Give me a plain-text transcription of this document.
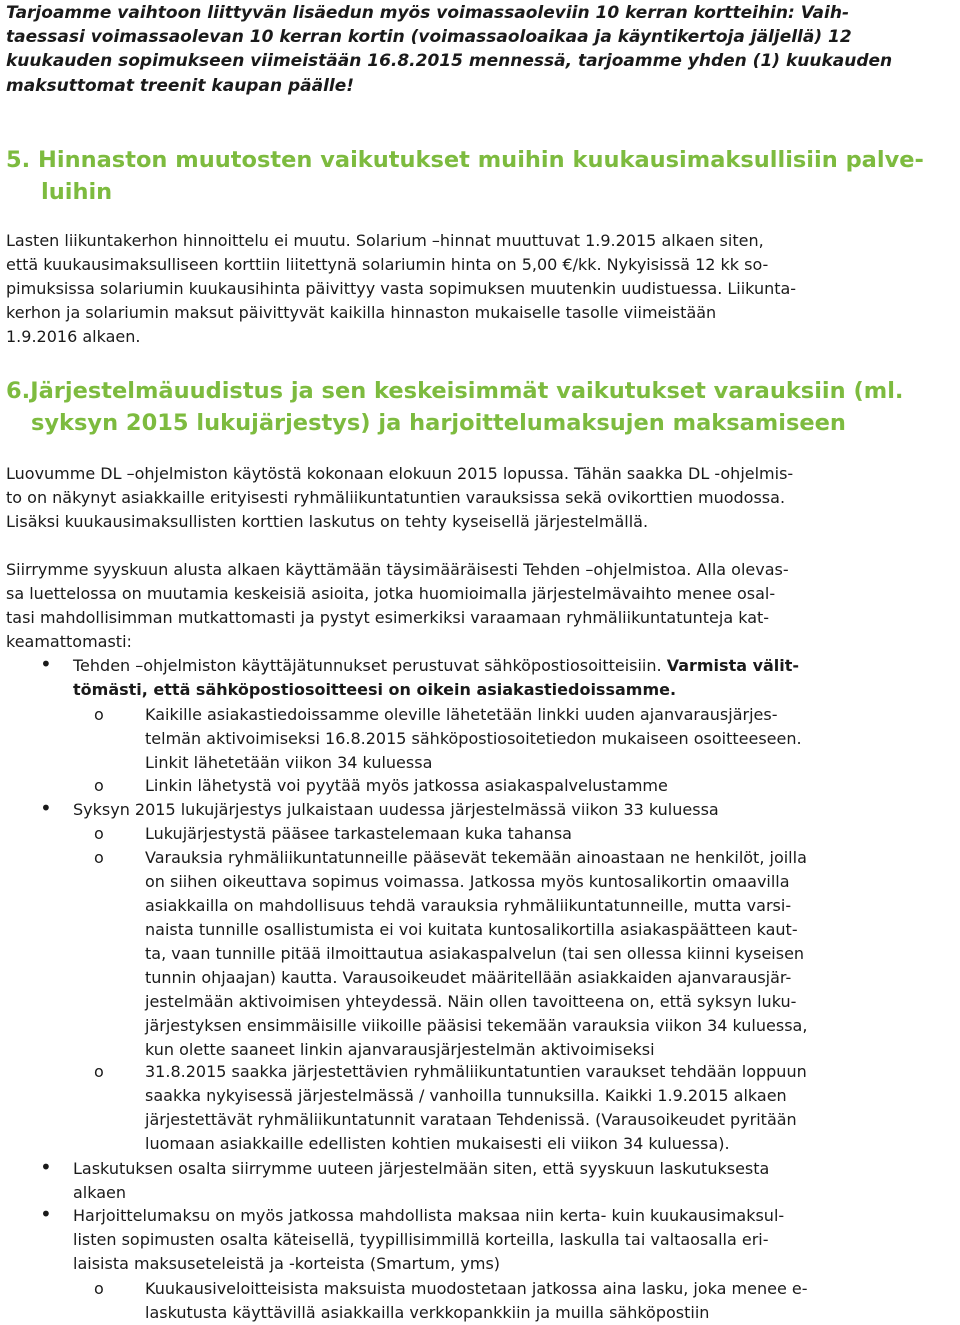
Tarjoamme vaihtoon liittyvän lisäedun myös voimassaoleviin 10 kerran kortteihin: Vaih-
taessasi voimassaolevan 10 kerran kortin (voimassaoloaikaa ja käyntikertoja jäljellä) 12
kuukauden sopimukseen viimeistään 16.8.2015 mennessä, tarjoamme yhden (1) kuukauden
maksuttomat treenit kaupan päälle!
5. Hinnaston muutosten vaikutukset muihin kuukausimaksullisiin palve-
luihin
Lasten liikuntakerhon hinnoittelu ei muutu. Solarium –hinnat muuttuvat 1.9.2015 alkaen siten,
että kuukausimaksulliseen korttiin liitettynä solariumin hinta on 5,00 €/kk. Nykyisissä 12 kk so-
pimuksissa solariumin kuukausihinta päivittyy vasta sopimuksen muutenkin uudistuessa. Liikunta-
kerhon ja solariumin maksut päivittyvät kaikilla hinnaston mukaiselle tasolle viimeistään
1.9.2016 alkaen.
6.Järjestelmäuudistus ja sen keskeisimmät vaikutukset varauksiin (ml.
syksyn 2015 lukujärjestys) ja harjoittelumaksujen maksamiseen
Luovumme DL –ohjelmiston käytöstä kokonaan elokuun 2015 lopussa. Tähän saakka DL -ohjelmis-
to on näkynyt asiakkaille erityisesti ryhmäliikuntatuntien varauksissa sekä ovikorttien muodossa.
Lisäksi kuukausimaksullisten korttien laskutus on tehty kyseisellä järjestelmällä.
Siirrymme syyskuun alusta alkaen käyttämään täysimääräisesti Tehden –ohjelmistoa. Alla olevas-
sa luettelossa on muutamia keskeisiä asioita, jotka huomioimalla järjestelmävaihto menee osal-
tasi mahdollisimman mutkattomasti ja pystyt esimerkiksi varaamaan ryhmäliikuntatunteja kat-
keamattomasti:
• Tehden –ohjelmiston käyttäjätunnukset perustuvat sähköpostiosoitteisiin. Varmista välit-
tömästi, että sähköpostiosoitteesi on oikein asiakastiedoissamme.
o	Kaikille asiakastiedoissamme oleville lähetetään linkki uuden ajanvarausjärjes-
telmän aktivoimiseksi 16.8.2015 sähköpostiosoitetiedon mukaiseen osoitteeseen.
Linkit lähetetään viikon 34 kuluessa
o	Linkin lähetystä voi pyytää myös jatkossa asiakaspalvelustamme
• Syksyn 2015 lukujärjestys julkaistaan uudessa järjestelmässä viikon 33 kuluessa
o	Lukujärjestystä pääsee tarkastelemaan kuka tahansa
o	Varauksia ryhmäliikuntatunneille pääsevät tekemään ainoastaan ne henkilöt, joilla
on siihen oikeuttava sopimus voimassa. Jatkossa myös kuntosalikortin omaavilla
asiakkailla on mahdollisuus tehdä varauksia ryhmäliikuntatunneille, mutta varsi-
naista tunnille osallistumista ei voi kuitata kuntosalikortilla asiakaspäätteen kaut-
ta, vaan tunnille pitää ilmoittautua asiakaspalvelun (tai sen ollessa kiinni kyseisen
tunnin ohjaajan) kautta. Varausoikeudet määritellään asiakkaiden ajanvarausjär-
jestelmään aktivoimisen yhteydessä. Näin ollen tavoitteena on, että syksyn luku-
järjestyksen ensimmäisille viikoille pääsisi tekemään varauksia viikon 34 kuluessa,
kun olette saaneet linkin ajanvarausjärjestelmän aktivoimiseksi
o	31.8.2015 saakka järjestettävien ryhmäliikuntatuntien varaukset tehdään loppuun
saakka nykyisessä järjestelmässä / vanhoilla tunnuksilla. Kaikki 1.9.2015 alkaen
järjestettävät ryhmäliikuntatunnit varataan Tehdenissä. (Varausoikeudet pyritään
luomaan asiakkaille edellisten kohtien mukaisesti eli viikon 34 kuluessa).
• Laskutuksen osalta siirrymme uuteen järjestelmään siten, että syyskuun laskutuksesta
alkaen
• Harjoittelumaksu on myös jatkossa mahdollista maksaa niin kerta- kuin kuukausimaksul-
listen sopimusten osalta käteisellä, tyypillisimmillä korteilla, laskulla tai valtaosalla eri-
laisista maksuseteleistä ja -korteista (Smartum, yms)
o	Kuukausiveloitteisista maksuista muodostetaan jatkossa aina lasku, joka menee e-
laskutusta käyttävillä asiakkailla verkkopankkiin ja muilla sähköpostiin
